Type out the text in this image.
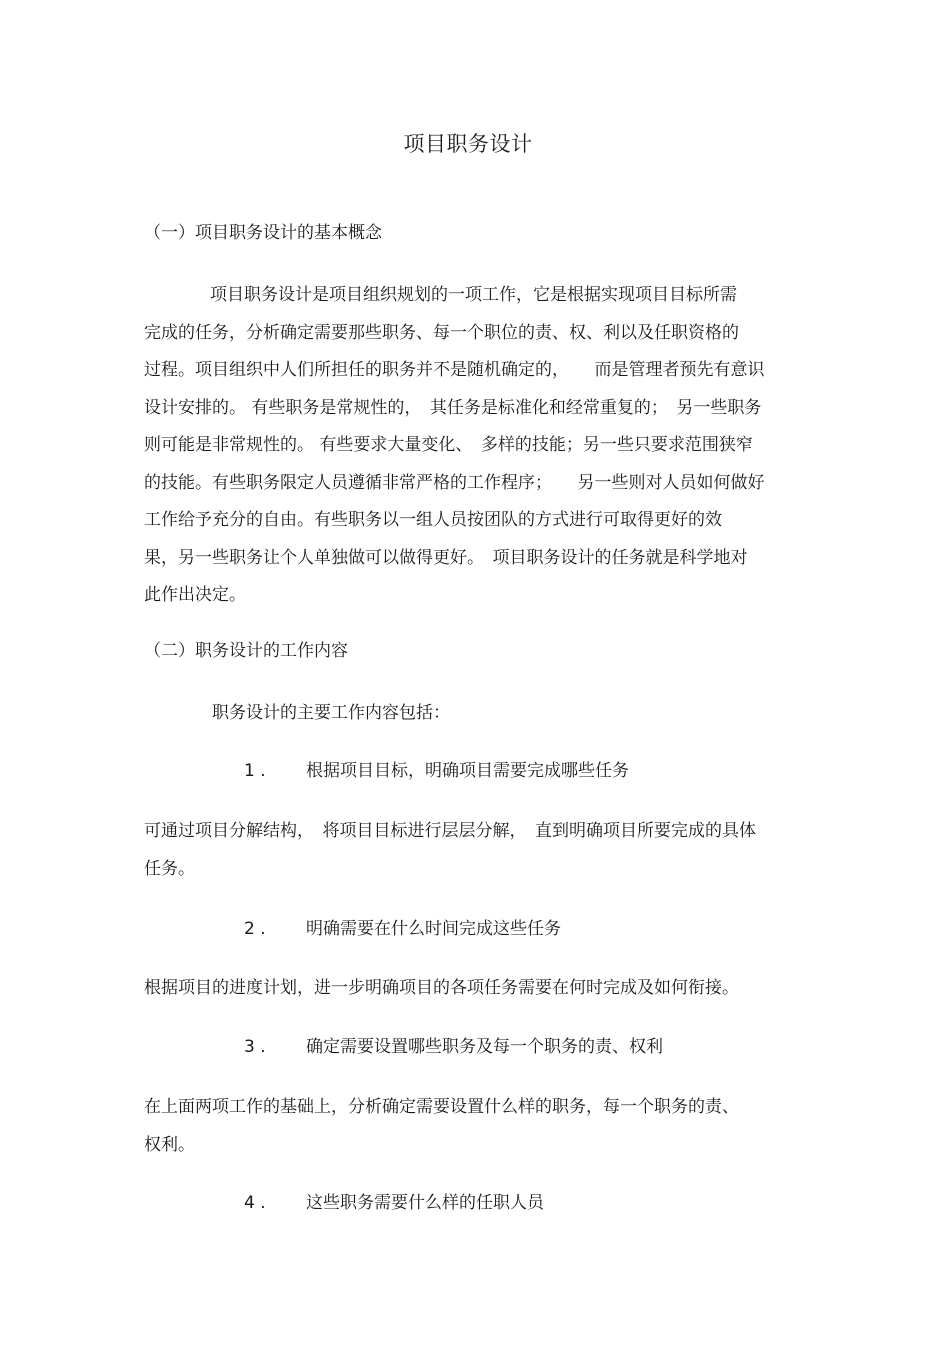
项目职务设计
（一）项目职务设计的基本概念
项目职务设计是项目组织规划的一项工作，它是根据实现项目目标所需
完成的任务，分析确定需要那些职务、每一个职位的责、权、利以及任职资格的
过程。项目组织中人们所担任的职务并不是随机确定的，　　而是管理者预先有意识
设计安排的。 有些职务是常规性的，　其任务是标准化和经常重复的；　另一些职务
则可能是非常规性的。 有些要求大量变化、　多样的技能；另一些只要求范围狭窄
的技能。有些职务限定人员遵循非常严格的工作程序；　　另一些则对人员如何做好
工作给予充分的自由。有些职务以一组人员按团队的方式进行可取得更好的效
果，另一些职务让个人单独做可以做得更好。　项目职务设计的任务就是科学地对
此作出决定。
（二）职务设计的工作内容
职务设计的主要工作内容包括：
1 . 根据项目目标，明确项目需要完成哪些任务
可通过项目分解结构，　将项目目标进行层层分解，　直到明确项目所要完成的具体
任务。
2 . 明确需要在什么时间完成这些任务
根据项目的进度计划，进一步明确项目的各项任务需要在何时完成及如何衔接。
3 . 确定需要设置哪些职务及每一个职务的责、权利
在上面两项工作的基础上，分析确定需要设置什么样的职务，每一个职务的责、
权利。
4 . 这些职务需要什么样的任职人员
